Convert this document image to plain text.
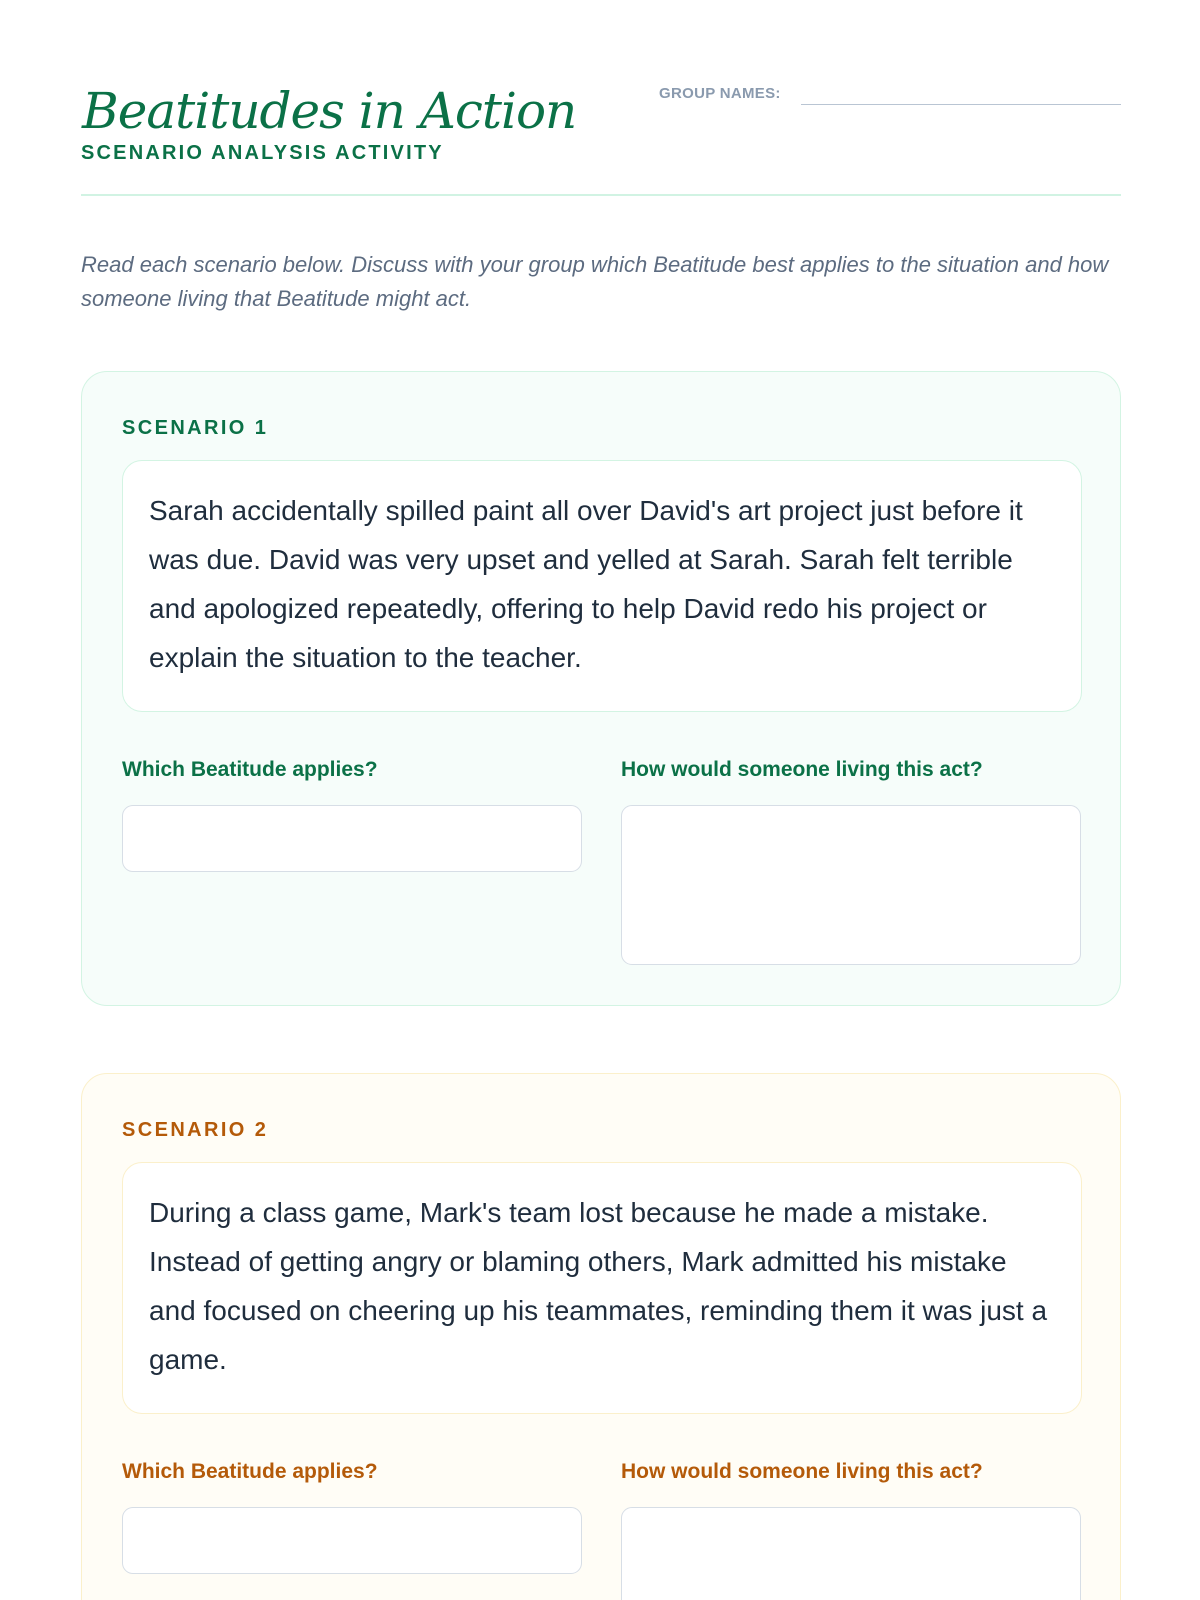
Beatitudes in Action
SCENARIO ANALYSIS ACTIVITY
GROUP NAMES:

Read each scenario below. Discuss with your group which Beatitude best applies to the situation and how someone living that Beatitude might act.

SCENARIO 1
Sarah accidentally spilled paint all over David's art project just before it was due. David was very upset and yelled at Sarah. Sarah felt terrible and apologized repeatedly, offering to help David redo his project or explain the situation to the teacher.
Which Beatitude applies?	How would someone living this act?
SCENARIO 2
During a class game, Mark's team lost because he made a mistake. Instead of getting angry or blaming others, Mark admitted his mistake and focused on cheering up his teammates, reminding them it was just a game.
Which Beatitude applies?	How would someone living this act?
